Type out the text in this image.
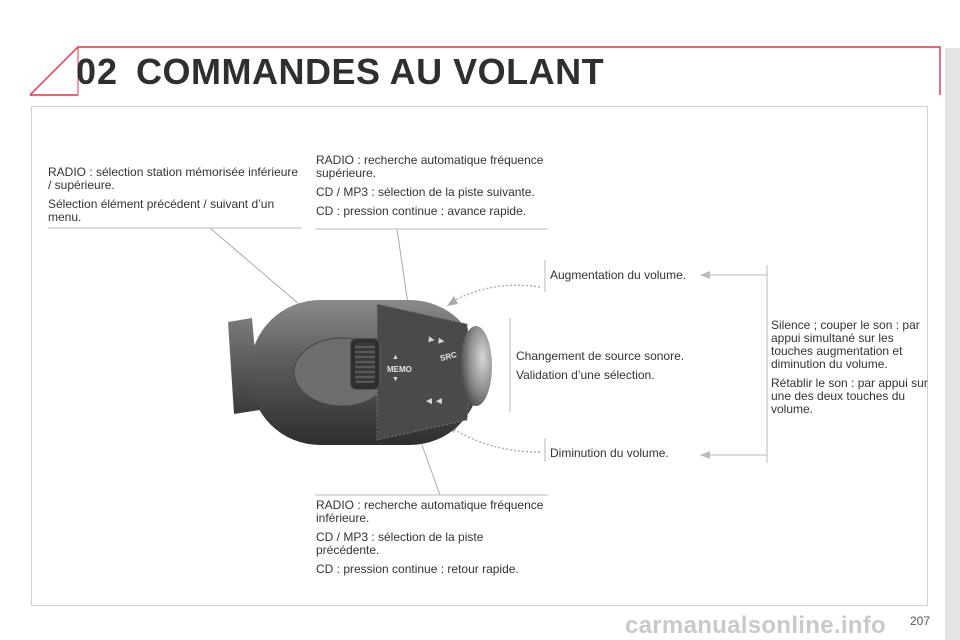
02 COMMANDES AU VOLANT
►►
◄◄
SRC
▲
MEMO
▼

RADIO : sélection station mémorisée inférieure / supérieure.

Sélection élément précédent / suivant d’un menu.

RADIO : recherche automatique fréquence supérieure.

CD / MP3 : sélection de la piste suivante.

CD : pression continue : avance rapide.

Augmentation du volume.

Changement de source sonore.

Validation d’une sélection.

Silence ; couper le son : par appui simultané sur les touches augmentation et diminution du volume.

Rétablir le son : par appui sur une des deux touches du volume.

Diminution du volume.

RADIO : recherche automatique fréquence inférieure.

CD / MP3 : sélection de la piste précédente.

CD : pression continue : retour rapide.

207
carmanualsonline.info
